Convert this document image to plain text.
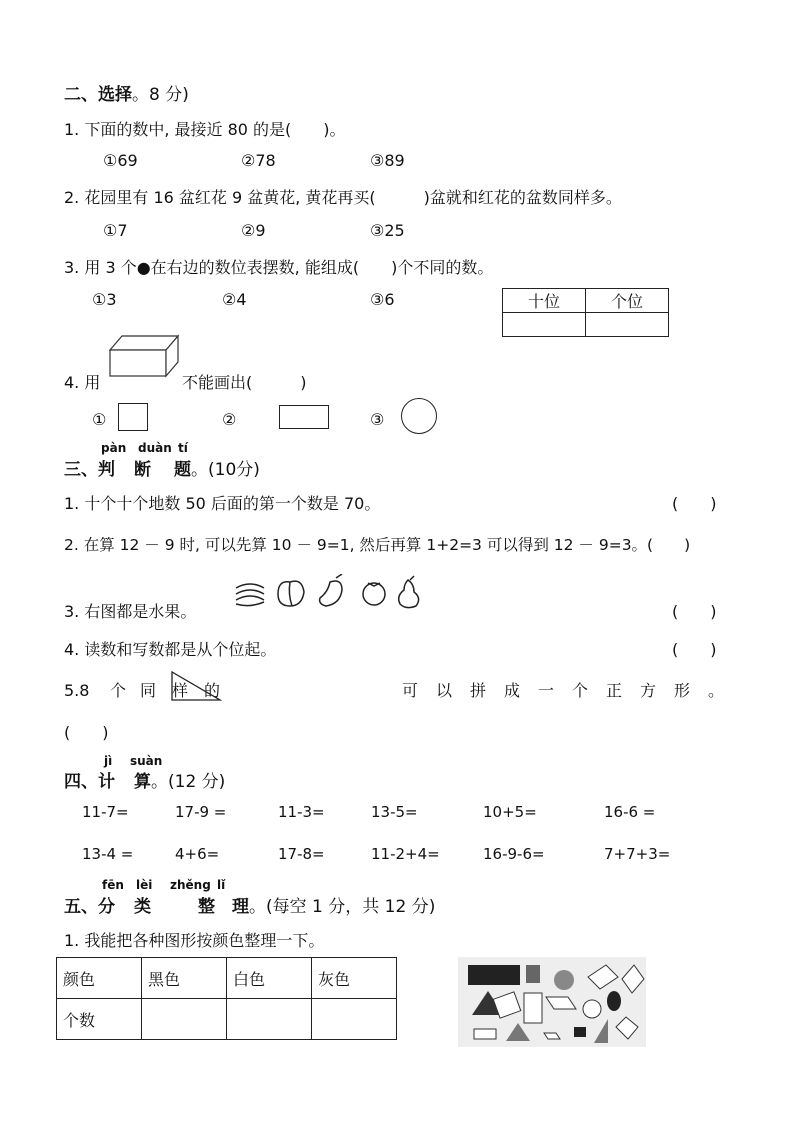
二、选择。8 分)
1. 下面的数中, 最接近 80 的是(　　)。
①69	②78	③89
2. 花园里有 16 盆红花 9 盆黄花, 黄花再买(　　　)盆就和红花的盆数同样多。
①7	②9	③25
3. 用 3 个●在右边的数位表摆数, 能组成(　　)个不同的数。
①3	②4	③6	十位	个位

4. 用	不能画出(　　　)
①	②	③
pàn duàn tí
三、判 断 题。(10分)
1. 十个十个地数 50 后面的第一个数是 70。	(　　)
2. 在算 12 － 9 时, 可以先算 10 － 9=1, 然后再算 1+2=3 可以得到 12 － 9=3。(　　)
3. 右图都是水果。	(　　)
4. 读数和写数都是从个位起。	(　　)
5.8 个 同 样 的	可 以 拼 成 一 个 正 方 形 。
(　　)
jì suàn
四、计 算。(12 分)
11-7=	17-9 =	11-3=	13-5=	10+5=	16-6 =
13-4 =	4+6=	17-8=	11-2+4=	16-9-6=	7+7+3=
fēn lèi zhěng lǐ
五、分 类	整 理。(每空 1 分，共 12 分)
1. 我能把各种图形按颜色整理一下。
颜色	黑色	白色	灰色
个数			
